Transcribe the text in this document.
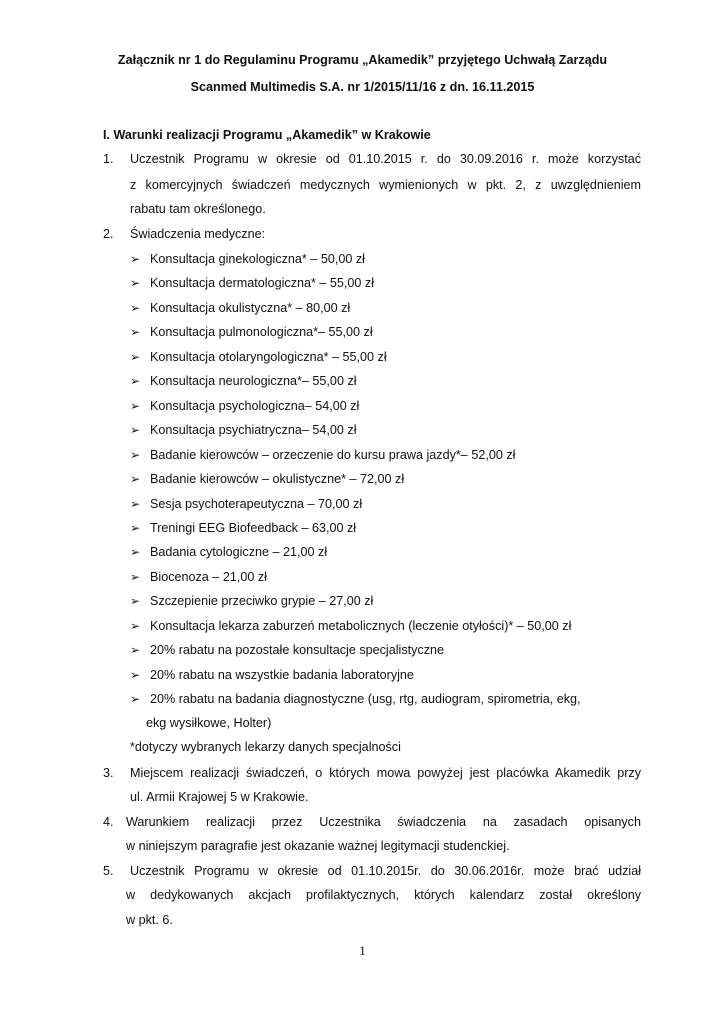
Załącznik nr 1 do Regulaminu Programu „Akamedik” przyjętego Uchwałą Zarządu
Scanmed Multimedis S.A. nr 1/2015/11/16 z dn. 16.11.2015
I. Warunki realizacji Programu „Akamedik” w Krakowie
1. Uczestnik Programu w okresie od 01.10.2015 r. do 30.09.2016 r. może korzystać
z komercyjnych świadczeń medycznych wymienionych w pkt. 2, z uwzględnieniem
rabatu tam określonego.
2. Świadczenia medyczne:
➢ Konsultacja ginekologiczna* – 50,00 zł
➢ Konsultacja dermatologiczna* – 55,00 zł
➢ Konsultacja okulistyczna* – 80,00 zł
➢ Konsultacja pulmonologiczna*– 55,00 zł
➢ Konsultacja otolaryngologiczna* – 55,00 zł
➢ Konsultacja neurologiczna*– 55,00 zł
➢ Konsultacja psychologiczna– 54,00 zł
➢ Konsultacja psychiatryczna– 54,00 zł
➢ Badanie kierowców – orzeczenie do kursu prawa jazdy*– 52,00 zł
➢ Badanie kierowców – okulistyczne* – 72,00 zł
➢ Sesja psychoterapeutyczna – 70,00 zł
➢ Treningi EEG Biofeedback – 63,00 zł
➢ Badania cytologiczne – 21,00 zł
➢ Biocenoza – 21,00 zł
➢ Szczepienie przeciwko grypie – 27,00 zł
➢ Konsultacja lekarza zaburzeń metabolicznych (leczenie otyłości)* – 50,00 zł
➢20% rabatu na pozostałe konsultacje specjalistyczne
➢20% rabatu na wszystkie badania laboratoryjne
➢ 20% rabatu na badania diagnostyczne (usg, rtg, audiogram, spirometria, ekg,
ekg wysiłkowe, Holter)
*dotyczy wybranych lekarzy danych specjalności
3. Miejscem realizacji świadczeń, o których mowa powyżej jest placówka Akamedik przy
ul. Armii Krajowej 5 w Krakowie.
4. Warunkiem realizacji przez Uczestnika świadczenia na zasadach opisanych
w niniejszym paragrafie jest okazanie ważnej legitymacji studenckiej.
5. Uczestnik Programu w okresie od 01.10.2015r. do 30.06.2016r. może brać udział
w dedykowanych akcjach profilaktycznych, których kalendarz został określony
w pkt. 6.
1
